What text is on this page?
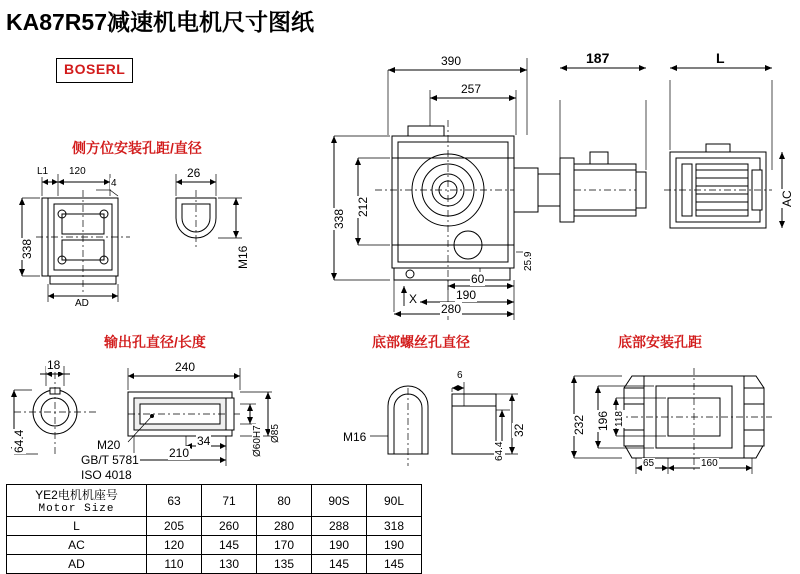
KA87R57减速机电机尺寸图纸
BOSERL	390
257
187	L
338
212
25.9
AC
60
190
280
X
侧方位安装孔距/直径
L1 120
4
338
AD
26
M16
输出孔直径/长度
18
64.4
240
210
34	Ø85
Ø60H7
M20
GB/T 5781
ISO 4018
底部螺丝孔直径
32
6
64.4
M16
底部安装孔距
232 196 118
65	160
YE2电机机座号
Motor Size	63	71	80	90S	90L
L	205	260	280	288	318
AC	120	145	170	190	190
AD	110	130	135	145	145
